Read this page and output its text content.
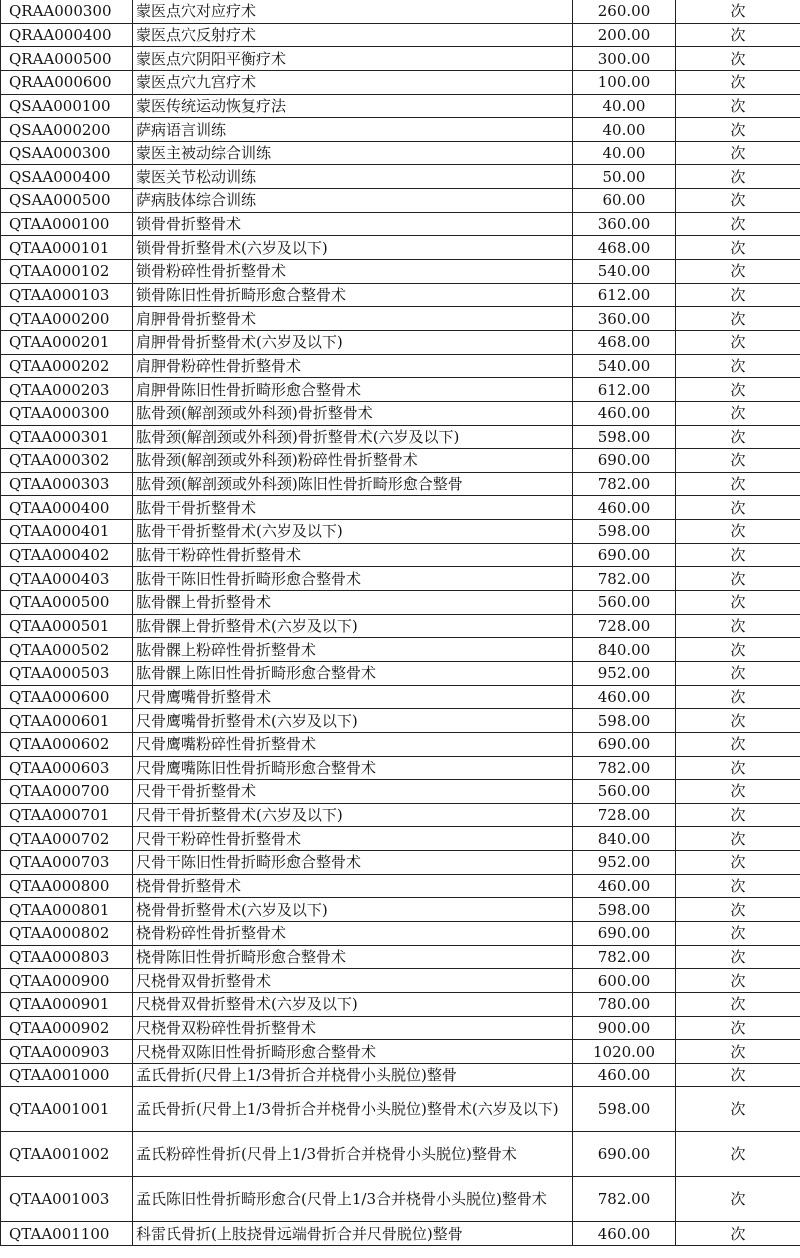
QRAA000300	蒙医点穴对应疗术	260.00	次
QRAA000400	蒙医点穴反射疗术	200.00	次
QRAA000500	蒙医点穴阴阳平衡疗术	300.00	次
QRAA000600	蒙医点穴九宫疗术	100.00	次
QSAA000100	蒙医传统运动恢复疗法	40.00	次
QSAA000200	萨病语言训练	40.00	次
QSAA000300	蒙医主被动综合训练	40.00	次
QSAA000400	蒙医关节松动训练	50.00	次
QSAA000500	萨病肢体综合训练	60.00	次
QTAA000100	锁骨骨折整骨术	360.00	次
QTAA000101	锁骨骨折整骨术(六岁及以下)	468.00	次
QTAA000102	锁骨粉碎性骨折整骨术	540.00	次
QTAA000103	锁骨陈旧性骨折畸形愈合整骨术	612.00	次
QTAA000200	肩胛骨骨折整骨术	360.00	次
QTAA000201	肩胛骨骨折整骨术(六岁及以下)	468.00	次
QTAA000202	肩胛骨粉碎性骨折整骨术	540.00	次
QTAA000203	肩胛骨陈旧性骨折畸形愈合整骨术	612.00	次
QTAA000300	肱骨颈(解剖颈或外科颈)骨折整骨术	460.00	次
QTAA000301	肱骨颈(解剖颈或外科颈)骨折整骨术(六岁及以下)	598.00	次
QTAA000302	肱骨颈(解剖颈或外科颈)粉碎性骨折整骨术	690.00	次
QTAA000303	肱骨颈(解剖颈或外科颈)陈旧性骨折畸形愈合整骨	782.00	次
QTAA000400	肱骨干骨折整骨术	460.00	次
QTAA000401	肱骨干骨折整骨术(六岁及以下)	598.00	次
QTAA000402	肱骨干粉碎性骨折整骨术	690.00	次
QTAA000403	肱骨干陈旧性骨折畸形愈合整骨术	782.00	次
QTAA000500	肱骨髁上骨折整骨术	560.00	次
QTAA000501	肱骨髁上骨折整骨术(六岁及以下)	728.00	次
QTAA000502	肱骨髁上粉碎性骨折整骨术	840.00	次
QTAA000503	肱骨髁上陈旧性骨折畸形愈合整骨术	952.00	次
QTAA000600	尺骨鹰嘴骨折整骨术	460.00	次
QTAA000601	尺骨鹰嘴骨折整骨术(六岁及以下)	598.00	次
QTAA000602	尺骨鹰嘴粉碎性骨折整骨术	690.00	次
QTAA000603	尺骨鹰嘴陈旧性骨折畸形愈合整骨术	782.00	次
QTAA000700	尺骨干骨折整骨术	560.00	次
QTAA000701	尺骨干骨折整骨术(六岁及以下)	728.00	次
QTAA000702	尺骨干粉碎性骨折整骨术	840.00	次
QTAA000703	尺骨干陈旧性骨折畸形愈合整骨术	952.00	次
QTAA000800	桡骨骨折整骨术	460.00	次
QTAA000801	桡骨骨折整骨术(六岁及以下)	598.00	次
QTAA000802	桡骨粉碎性骨折整骨术	690.00	次
QTAA000803	桡骨陈旧性骨折畸形愈合整骨术	782.00	次
QTAA000900	尺桡骨双骨折整骨术	600.00	次
QTAA000901	尺桡骨双骨折整骨术(六岁及以下)	780.00	次
QTAA000902	尺桡骨双粉碎性骨折整骨术	900.00	次
QTAA000903	尺桡骨双陈旧性骨折畸形愈合整骨术	1020.00	次
QTAA001000	孟氏骨折(尺骨上1/3骨折合并桡骨小头脱位)整骨	460.00	次
QTAA001001	孟氏骨折(尺骨上1/3骨折合并桡骨小头脱位)整骨术(六岁及以下)	598.00	次
QTAA001002	孟氏粉碎性骨折(尺骨上1/3骨折合并桡骨小头脱位)整骨术	690.00	次
QTAA001003	孟氏陈旧性骨折畸形愈合(尺骨上1/3合并桡骨小头脱位)整骨术	782.00	次
QTAA001100	科雷氏骨折(上肢挠骨远端骨折合并尺骨脱位)整骨	460.00	次
